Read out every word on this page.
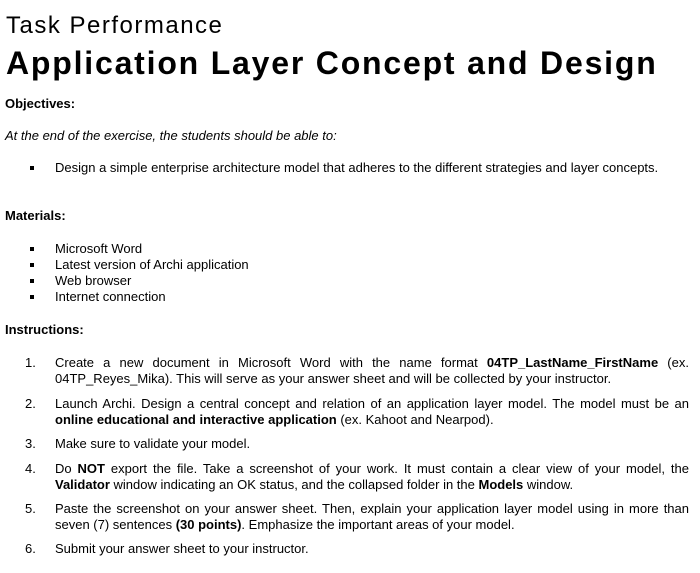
Task Performance
Application Layer Concept and Design
Objectives:
At the end of the exercise, the students should be able to:
Design a simple enterprise architecture model that adheres to the different strategies and layer concepts.
Materials:
Microsoft Word
Latest version of Archi application
Web browser
Internet connection
Instructions:
1. Create a new document in Microsoft Word with the name format 04TP_LastName_FirstName (ex. 04TP_Reyes_Mika). This will serve as your answer sheet and will be collected by your instructor.
2. Launch Archi. Design a central concept and relation of an application layer model. The model must be an online educational and interactive application (ex. Kahoot and Nearpod).
3. Make sure to validate your model.
4. Do NOT export the file. Take a screenshot of your work. It must contain a clear view of your model, the Validator window indicating an OK status, and the collapsed folder in the Models window.
5. Paste the screenshot on your answer sheet. Then, explain your application layer model using in more than seven (7) sentences (30 points). Emphasize the important areas of your model.
6. Submit your answer sheet to your instructor.
